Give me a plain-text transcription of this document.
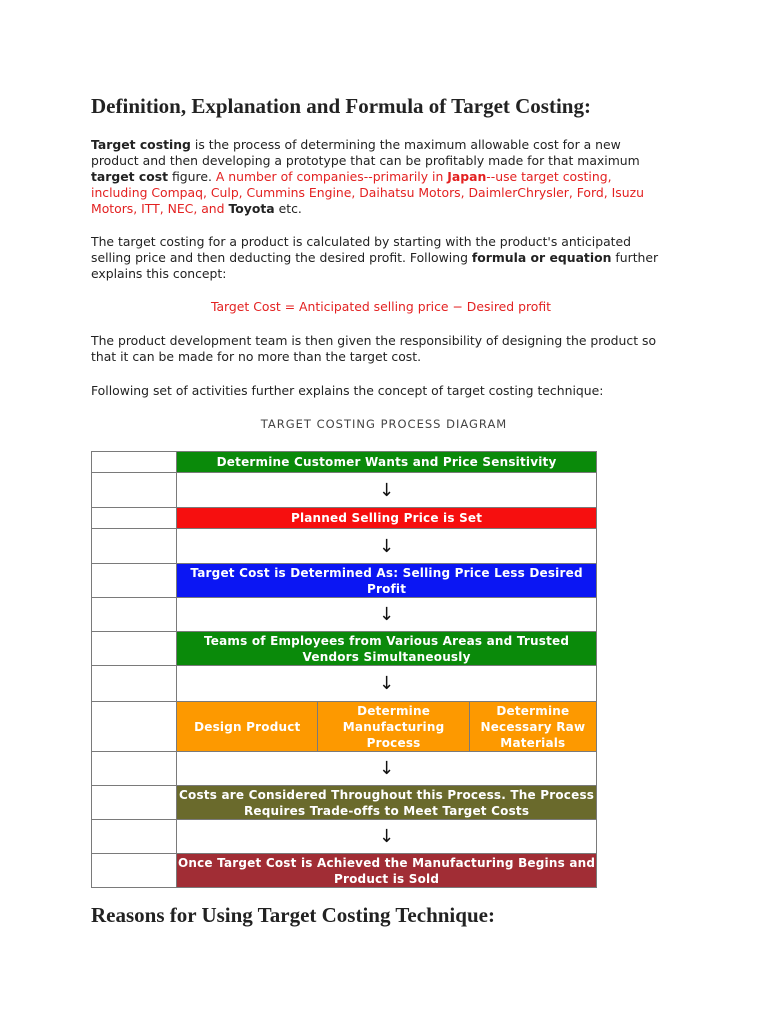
Definition, Explanation and Formula of Target Costing:

Target costing is the process of determining the maximum allowable cost for a new product and then developing a prototype that can be profitably made for that maximum target cost figure. A number of companies--primarily in Japan--use target costing, including Compaq, Culp, Cummins Engine, Daihatsu Motors, DaimlerChrysler, Ford, Isuzu Motors, ITT, NEC, and Toyota etc.

The target costing for a product is calculated by starting with the product's anticipated selling price and then deducting the desired profit. Following formula or equation further explains this concept:

Target Cost = Anticipated selling price − Desired profit

The product development team is then given the responsibility of designing the product so that it can be made for no more than the target cost.

Following set of activities further explains the concept of target costing technique:

TARGET COSTING PROCESS DIAGRAM
	Determine Customer Wants and Price Sensitivity		
	↓		
	Planned Selling Price is Set		
	↓		
	Target Cost is Determined As: Selling Price Less Desired Profit		
	↓		
	Teams of Employees from Various Areas and Trusted Vendors Simultaneously		
	↓		
	Design Product	Determine Manufacturing Process	Determine Necessary Raw Materials
	↓		
	Costs are Considered Throughout this Process. The Process Requires Trade-offs to Meet Target Costs		
	↓		
	Once Target Cost is Achieved the Manufacturing Begins and Product is Sold		
Reasons for Using Target Costing Technique:
